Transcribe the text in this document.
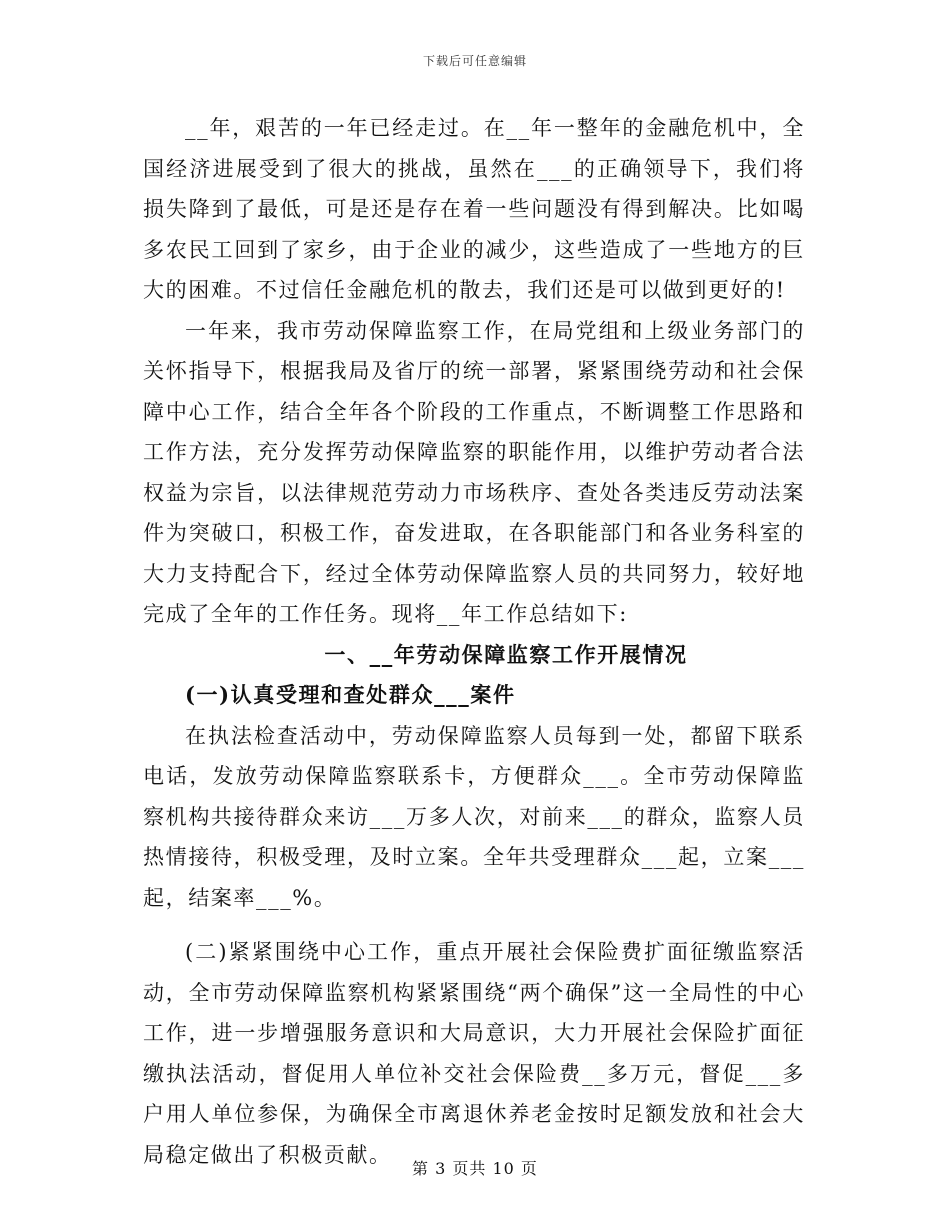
下载后可任意编辑

__年，艰苦的一年已经走过。在__年一整年的金融危机中，全国经济进展受到了很大的挑战，虽然在___的正确领导下，我们将损失降到了最低，可是还是存在着一些问题没有得到解决。比如喝多农民工回到了家乡，由于企业的减少，这些造成了一些地方的巨大的困难。不过信任金融危机的散去，我们还是可以做到更好的!

一年来，我市劳动保障监察工作，在局党组和上级业务部门的关怀指导下，根据我局及省厅的统一部署，紧紧围绕劳动和社会保障中心工作，结合全年各个阶段的工作重点，不断调整工作思路和工作方法，充分发挥劳动保障监察的职能作用，以维护劳动者合法权益为宗旨，以法律规范劳动力市场秩序、查处各类违反劳动法案件为突破口，积极工作，奋发进取，在各职能部门和各业务科室的大力支持配合下，经过全体劳动保障监察人员的共同努力，较好地完成了全年的工作任务。现将__年工作总结如下:

一、__年劳动保障监察工作开展情况

(一)认真受理和查处群众___案件

在执法检查活动中，劳动保障监察人员每到一处，都留下联系电话，发放劳动保障监察联系卡，方便群众___。全市劳动保障监察机构共接待群众来访___万多人次，对前来___的群众，监察人员热情接待，积极受理，及时立案。全年共受理群众___起，立案___起，结案率___%。

(二)紧紧围绕中心工作，重点开展社会保险费扩面征缴监察活动，全市劳动保障监察机构紧紧围绕“两个确保”这一全局性的中心工作，进一步增强服务意识和大局意识，大力开展社会保险扩面征缴执法活动，督促用人单位补交社会保险费__多万元，督促___多户用人单位参保，为确保全市离退休养老金按时足额发放和社会大局稳定做出了积极贡献。

第 3 页共 10 页
